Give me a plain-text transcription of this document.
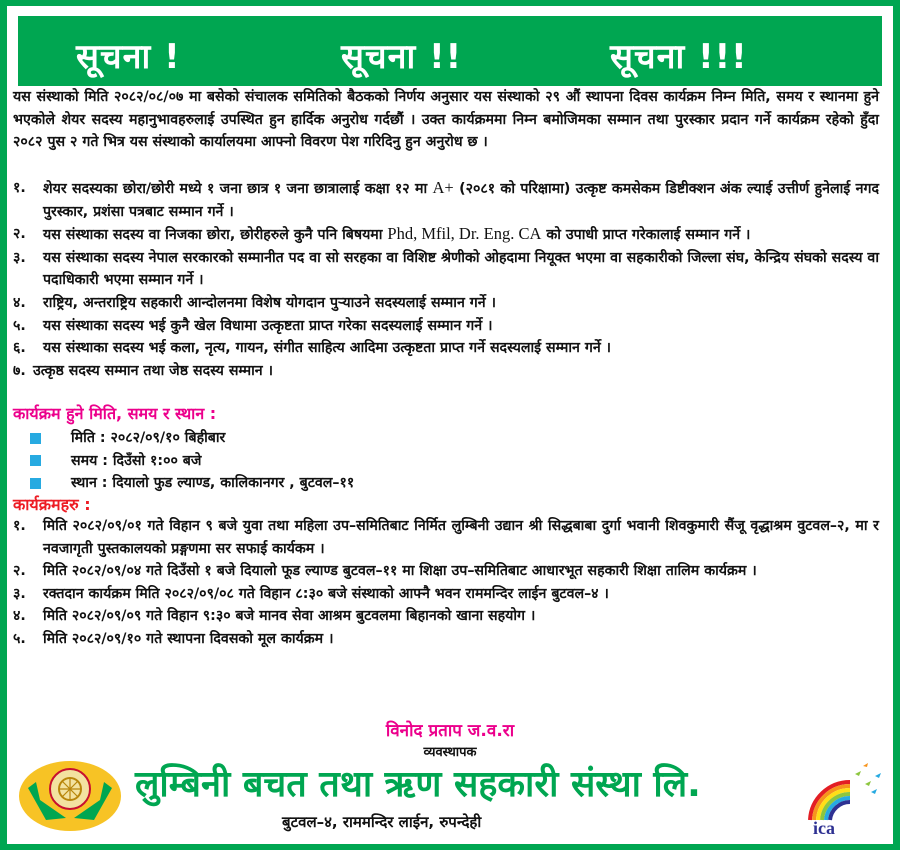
सूचना !	सूचना !!	सूचना !!!
यस संस्थाको मिति २०८२/०८/०७ मा बसेको संचालक समितिको बैठकको निर्णय अनुसार यस संस्थाको २९ औं स्थापना दिवस कार्यक्रम निम्न मिति, समय र स्थानमा हुने भएकोले शेयर सदस्य महानुभावहरुलाई उपस्थित हुन हार्दिक अनुरोध गर्दछौं । उक्त कार्यक्रममा निम्न बमोजिमका सम्मान तथा पुरस्कार प्रदान गर्ने कार्यक्रम रहेको हुँदा २०८२ पुस २ गते भित्र यस संस्थाको कार्यालयमा आफ्नो विवरण पेश गरिदिनु हुन अनुरोध छ ।
१.	शेयर सदस्यका छोरा/छोरी मध्ये १ जना छात्र १ जना छात्रालाई कक्षा १२ मा A+ (२०८१ को परिक्षामा) उत्कृष्ट कमसेकम डिष्टीक्शन अंक ल्याई उत्तीर्ण हुनेलाई नगद पुरस्कार, प्रशंसा पत्रबाट सम्मान गर्ने ।
२.	यस संस्थाका सदस्य वा निजका छोरा, छोरीहरुले कुनै पनि बिषयमा Phd, Mfil, Dr. Eng. CA को उपाधी प्राप्त गरेकालाई सम्मान गर्ने ।
३.	यस संस्थाका सदस्य नेपाल सरकारको सम्मानीत पद वा सो सरहका वा विशिष्ट श्रेणीको ओहदामा नियूक्त भएमा वा सहकारीको जिल्ला संघ, केन्द्रिय संघको सदस्य वा पदाधिकारी भएमा सम्मान गर्ने ।
४.	राष्ट्रिय, अन्तराष्ट्रिय सहकारी आन्दोलनमा विशेष योगदान पुऱ्याउने सदस्यलाई सम्मान गर्ने ।
५.	यस संस्थाका सदस्य भई कुनै खेल विधामा उत्कृष्टता प्राप्त गरेका सदस्यलाई सम्मान गर्ने ।
६.	यस संस्थाका सदस्य भई कला, नृत्य, गायन, संगीत साहित्य आदिमा उत्कृष्टता प्राप्त गर्ने सदस्यलाई सम्मान गर्ने ।
७. उत्कृष्ठ सदस्य सम्मान तथा जेष्ठ सदस्य सम्मान ।
कार्यक्रम हुने मिति, समय र स्थान :
मिति : २०८२/०९/१० बिहीबार
समय : दिउँसो १:०० बजे
स्थान : दियालो फुड ल्याण्ड, कालिकानगर , बुटवल–११
कार्यक्रमहरु :
१.	मिति २०८२/०९/०१ गते विहान ९ बजे युवा तथा महिला उप–समितिबाट निर्मित लुम्बिनी उद्यान श्री सिद्धबाबा दुर्गा भवानी शिवकुमारी सैंजू वृद्धाश्रम वुटवल–२, मा र नवजागृती पुस्तकालयको प्रङ्गणमा सर सफाई कार्यकम ।
२.	मिति २०८२/०९/०४ गते दिउँसो १ बजे दियालो फूड ल्याण्ड बुटवल–११ मा शिक्षा उप–समितिबाट आधारभूत सहकारी शिक्षा तालिम कार्यक्रम ।
३.	रक्तदान कार्यक्रम मिति २०८२/०९/०८ गते विहान ८:३० बजे संस्थाको आफ्नै भवन राममन्दिर लाईन बुटवल–४ ।
४.	मिति २०८२/०९/०९ गते विहान ९:३० बजे मानव सेवा आश्रम बुटवलमा बिहानको खाना सहयोग ।
५.	मिति २०८२/०९/१० गते स्थापना दिवसको मूल कार्यक्रम ।
विनोद प्रताप ज.व.रा
व्यवस्थापक
लुम्बिनी बचत तथा ऋण सहकारी संस्था लि.
बुटवल–४, राममन्दिर लाईन, रुपन्देही	ica
